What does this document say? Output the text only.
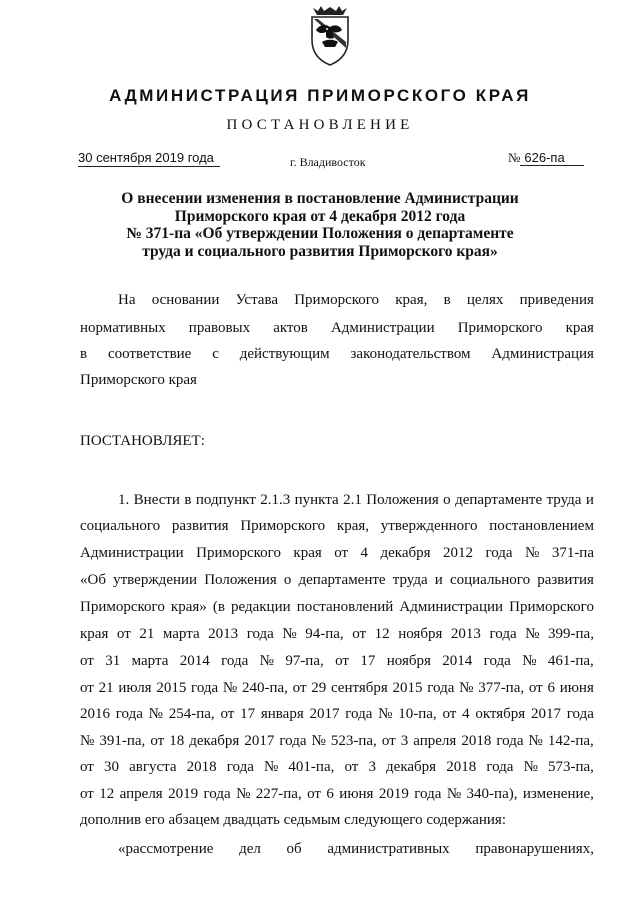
АДМИНИСТРАЦИЯ ПРИМОРСКОГО КРАЯ
ПОСТАНОВЛЕНИЕ
30 сентября 2019 года	г. Владивосток	№ 626-па
О внесении изменения в постановление Администрации
Приморского края от 4 декабря 2012 года
№ 371-па «Об утверждении Положения о департаменте
труда и социального развития Приморского края»
На основании Устава Приморского края, в целях приведения
нормативных правовых актов Администрации Приморского края
в соответствие с действующим законодательством Администрация
Приморского края
ПОСТАНОВЛЯЕТ:
1. Внести в подпункт 2.1.3 пункта 2.1 Положения о департаменте труда и
социального развития Приморского края, утвержденного постановлением
Администрации Приморского края от 4 декабря 2012 года № 371-па
«Об утверждении Положения о департаменте труда и социального развития
Приморского края» (в редакции постановлений Администрации Приморского
края от 21 марта 2013 года № 94-па, от 12 ноября 2013 года № 399-па,
от 31 марта 2014 года № 97-па, от 17 ноября 2014 года № 461-па,
от 21 июля 2015 года № 240-па, от 29 сентября 2015 года № 377-па, от 6 июня
2016 года № 254-па, от 17 января 2017 года № 10-па, от 4 октября 2017 года
№ 391-па, от 18 декабря 2017 года № 523-па, от 3 апреля 2018 года № 142-па,
от 30 августа 2018 года № 401-па, от 3 декабря 2018 года № 573-па,
от 12 апреля 2019 года № 227-па, от 6 июня 2019 года № 340-па), изменение,
дополнив его абзацем двадцать седьмым следующего содержания:
«рассмотрение дел об административных правонарушениях,
